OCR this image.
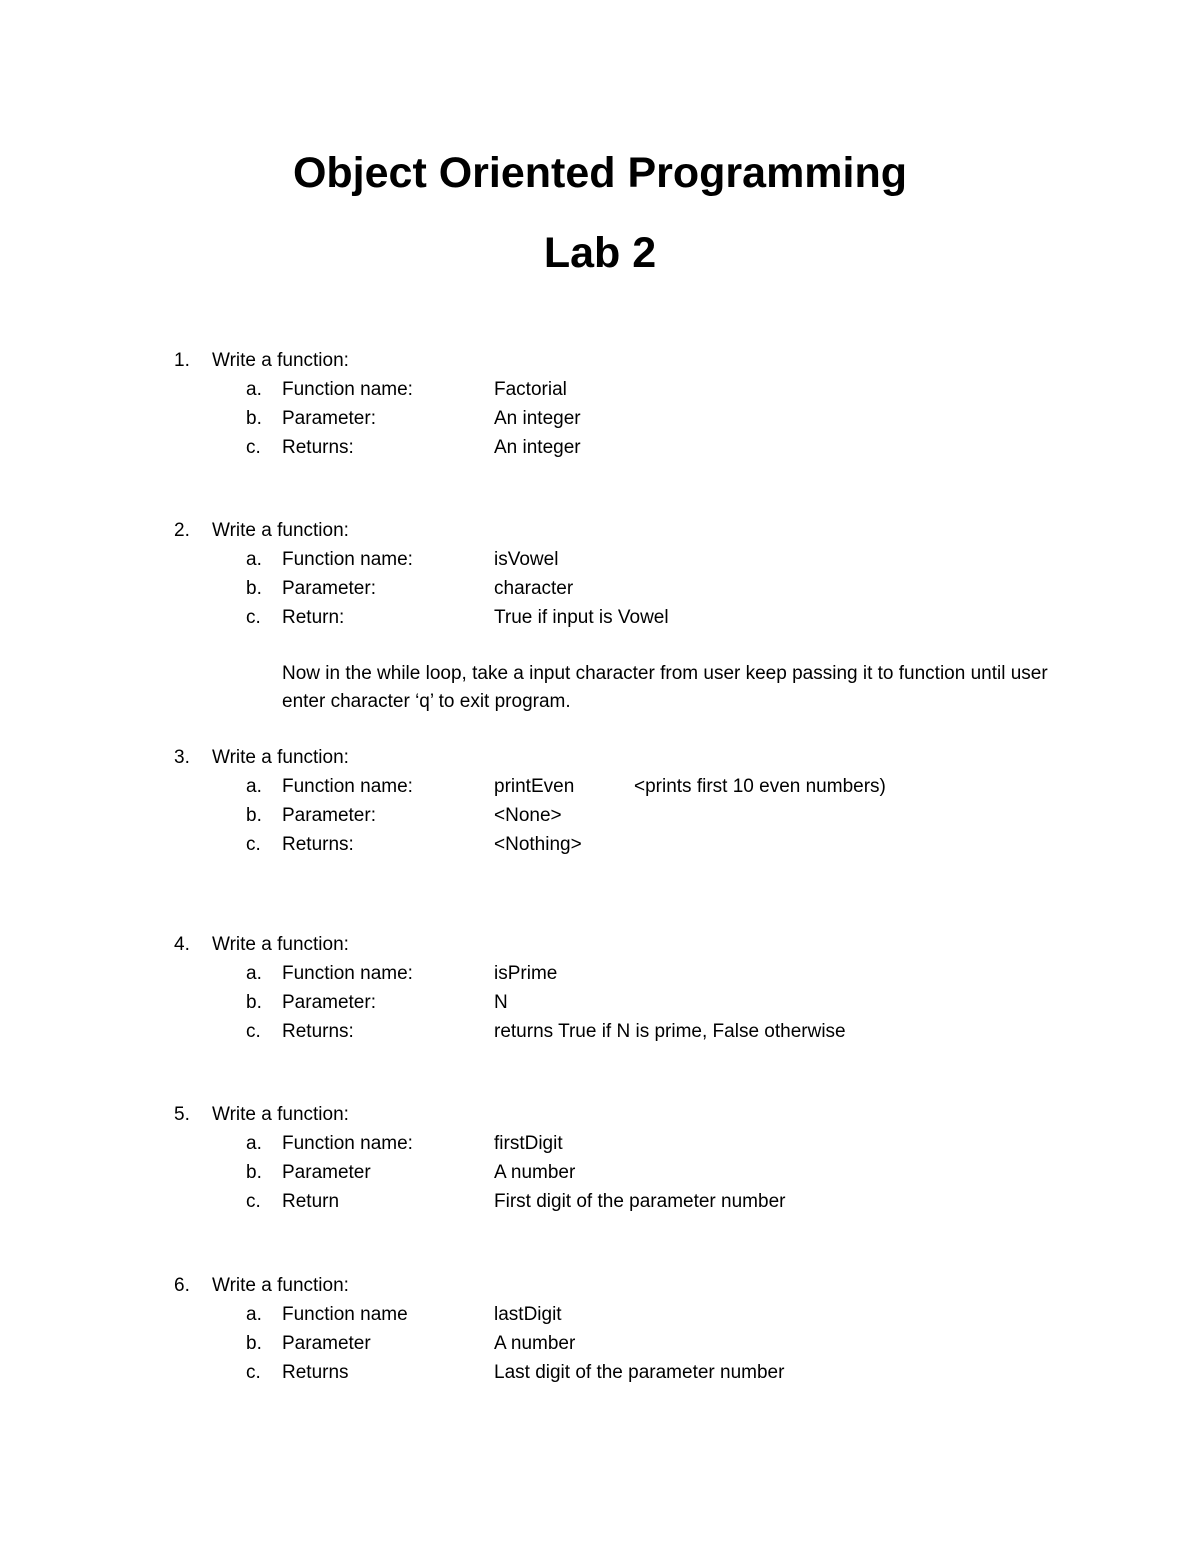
Object Oriented Programming
Lab 2
1. Write a function:
a. Function name:	Factorial
b. Parameter:	An integer
c. Returns:	An integer
2. Write a function:
a. Function name:	isVowel
b. Parameter:	character
c. Return:	True if input is Vowel

Now in the while loop, take a input character from user keep passing it to function until user enter character ‘q’ to exit program.

3. Write a function:
a. Function name:	printEven	<prints first 10 even numbers)
b. Parameter:	<None>
c. Returns:	<Nothing>
4. Write a function:
a. Function name:	isPrime
b. Parameter:	N
c. Returns:	returns True if N is prime, False otherwise
5. Write a function:
a. Function name:	firstDigit
b. Parameter	A number
c. Return	First digit of the parameter number
6. Write a function:
a. Function name	lastDigit
b. Parameter	A number
c. Returns	Last digit of the parameter number
